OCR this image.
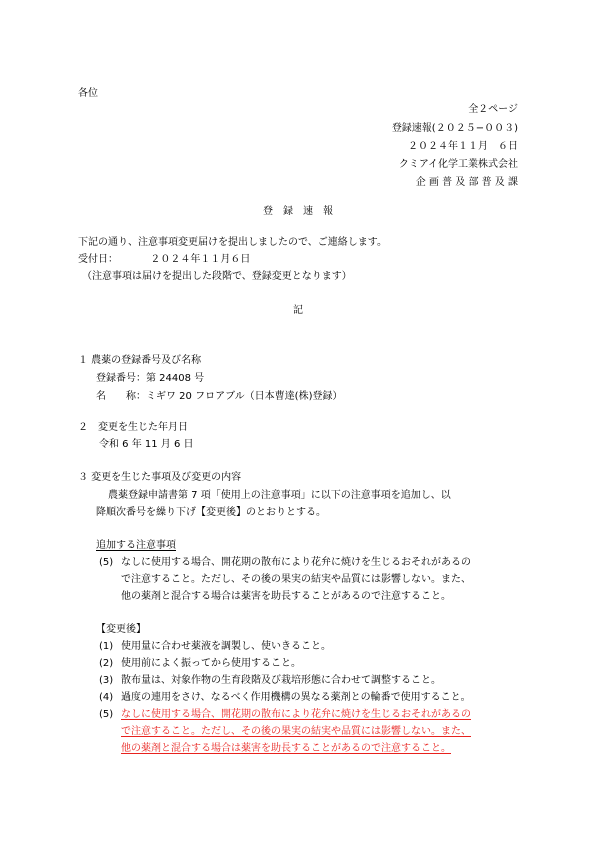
各位
全２ページ
登録速報(２０２５−００３)
２０２４年１１月　６日
クミアイ化学工業株式会社
企 画 普 及 部 普 及 課
登　録　速　報
下記の通り、注意事項変更届けを提出しましたので、ご連絡します。
受付日：	２０２４年１１月６日
（注意事項は届けを提出した段階で、登録変更となります）
記
１ 農薬の登録番号及び名称
登録番号：第 24408 号
名　　称：ミギワ 20 フロアブル（日本曹達(株)登録）
２　変更を生じた年月日
令和 6 年 11 月 6 日
３ 変更を生じた事項及び変更の内容
農薬登録申請書第 7 項「使用上の注意事項」に以下の注意事項を追加し、以
降順次番号を繰り下げ【変更後】のとおりとする。
追加する注意事項
(5) なしに使用する場合、開花期の散布により花弁に焼けを生じるおそれがあるの
で注意すること。ただし、その後の果実の結実や品質には影響しない。また、
他の薬剤と混合する場合は薬害を助長することがあるので注意すること。
【変更後】
(1) 使用量に合わせ薬液を調製し、使いきること。
(2) 使用前によく振ってから使用すること。
(3) 散布量は、対象作物の生育段階及び栽培形態に合わせて調整すること。
(4) 過度の連用をさけ、なるべく作用機構の異なる薬剤との輪番で使用すること。
(5) なしに使用する場合、開花期の散布により花弁に焼けを生じるおそれがあるの
で注意すること。ただし、その後の果実の結実や品質には影響しない。また、
他の薬剤と混合する場合は薬害を助長することがあるので注意すること。
